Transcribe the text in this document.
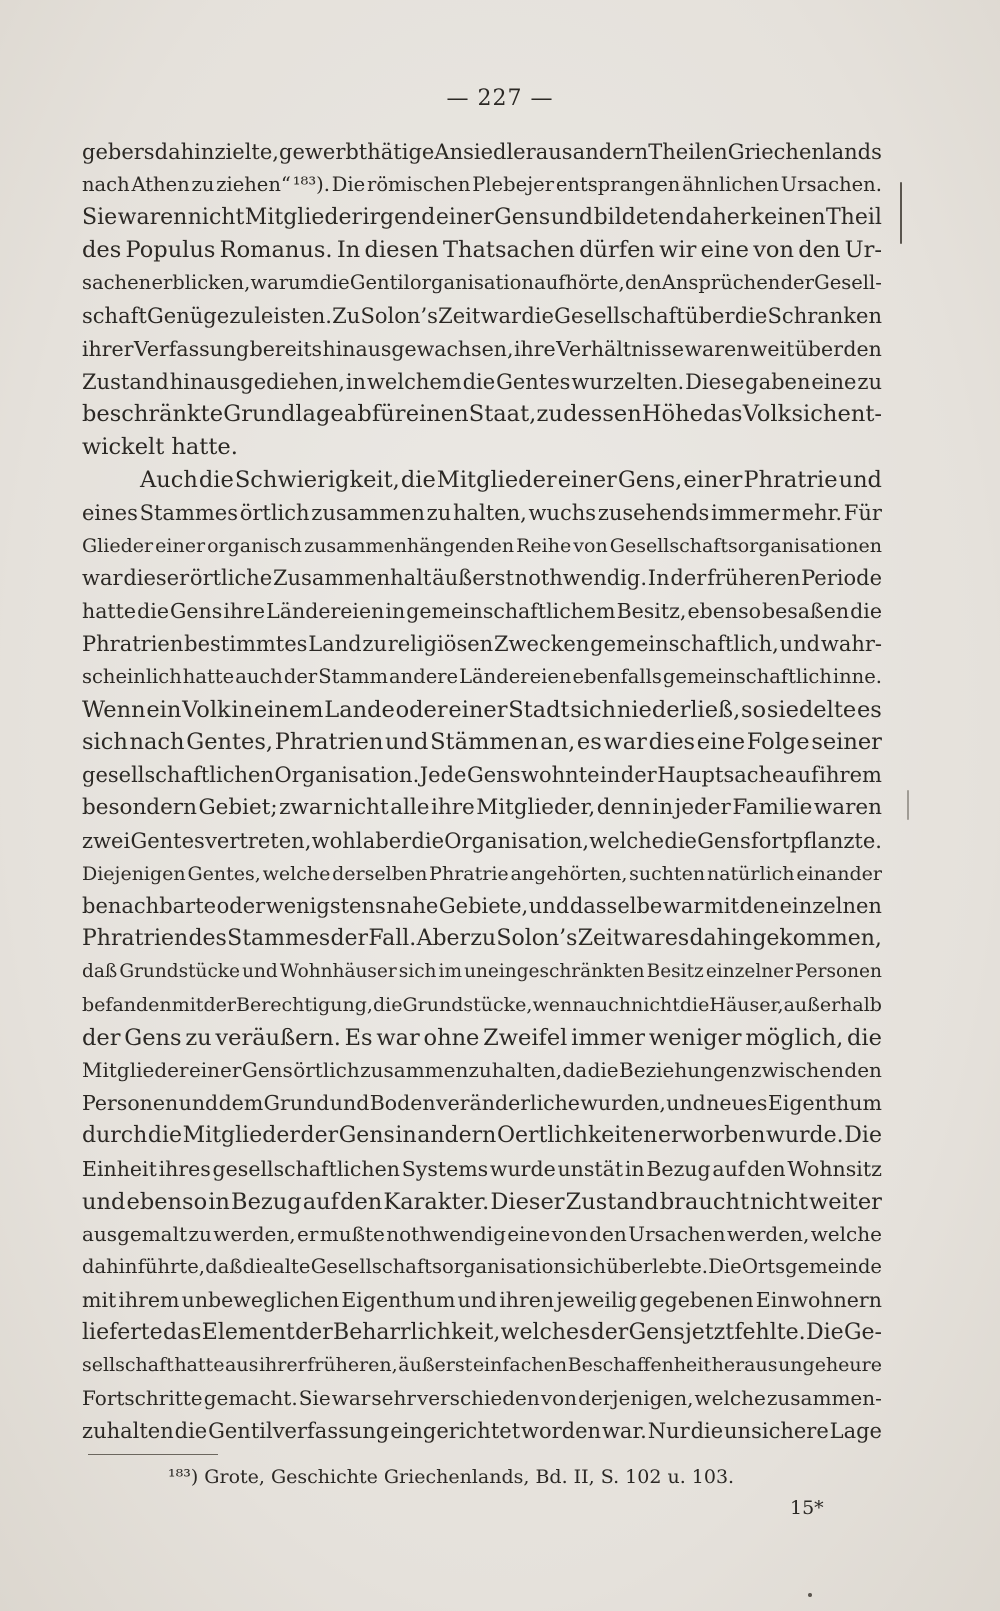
— 227 —
gebers dahin zielte, gewerbthätige Ansiedler aus andern Theilen Griechenlands
nach Athen zu ziehen“ ¹⁸³). Die römischen Plebejer entsprangen ähnlichen Ursachen.
Sie waren nicht Mitglieder irgend einer Gens und bildeten daher keinen Theil
des Populus Romanus. In diesen Thatsachen dürfen wir eine von den Ur-
sachen erblicken, warum die Gentilorganisation aufhörte, den Ansprüchen der Gesell-
schaft Genüge zu leisten. Zu Solon’s Zeit war die Gesellschaft über die Schranken
ihrer Verfassung bereits hinausgewachsen, ihre Verhältnisse waren weit über den
Zustand hinausgediehen, in welchem die Gentes wurzelten. Diese gaben eine zu
beschränkte Grundlage ab für einen Staat, zu dessen Höhe das Volk sich ent-
wickelt hatte.
Auch die Schwierigkeit, die Mitglieder einer Gens, einer Phratrie und
eines Stammes örtlich zusammen zu halten, wuchs zusehends immer mehr. Für
Glieder einer organisch zusammenhängenden Reihe von Gesellschaftsorganisationen
war dieser örtliche Zusammenhalt äußerst nothwendig. In der früheren Periode
hatte die Gens ihre Ländereien in gemeinschaftlichem Besitz, ebenso besaßen die
Phratrien bestimmtes Land zu religiösen Zwecken gemeinschaftlich, und wahr-
scheinlich hatte auch der Stamm andere Ländereien ebenfalls gemeinschaftlich inne.
Wenn ein Volk in einem Lande oder einer Stadt sich niederließ, so siedelte es
sich nach Gentes, Phratrien und Stämmen an, es war dies eine Folge seiner
gesellschaftlichen Organisation. Jede Gens wohnte in der Hauptsache auf ihrem
besondern Gebiet; zwar nicht alle ihre Mitglieder, denn in jeder Familie waren
zwei Gentes vertreten, wohl aber die Organisation, welche die Gens fortpflanzte.
Diejenigen Gentes, welche derselben Phratrie angehörten, suchten natürlich einander
benachbarte oder wenigstens nahe Gebiete, und dasselbe war mit den einzelnen
Phratrien des Stammes der Fall. Aber zu Solon’s Zeit war es dahin gekommen,
daß Grundstücke und Wohnhäuser sich im uneingeschränkten Besitz einzelner Personen
befanden mit der Berechtigung, die Grundstücke, wenn auch nicht die Häuser, außerhalb
der Gens zu veräußern. Es war ohne Zweifel immer weniger möglich, die
Mitglieder einer Gens örtlich zusammenzuhalten, da die Beziehungen zwischen den
Personen und dem Grund und Boden veränderliche wurden, und neues Eigenthum
durch die Mitglieder der Gens in andern Oertlichkeiten erworben wurde. Die
Einheit ihres gesellschaftlichen Systems wurde unstät in Bezug auf den Wohnsitz
und ebenso in Bezug auf den Karakter. Dieser Zustand braucht nicht weiter
ausgemalt zu werden, er mußte nothwendig eine von den Ursachen werden, welche
dahin führte, daß die alte Gesellschaftsorganisation sich überlebte. Die Ortsgemeinde
mit ihrem unbeweglichen Eigenthum und ihren jeweilig gegebenen Einwohnern
lieferte das Element der Beharrlichkeit, welches der Gens jetzt fehlte. Die Ge-
sellschaft hatte aus ihrer früheren, äußerst einfachen Beschaffenheit heraus ungeheure
Fortschritte gemacht. Sie war sehr verschieden von derjenigen, welche zusammen-
zuhalten die Gentilverfassung eingerichtet worden war. Nur die unsichere Lage
¹⁸³) Grote, Geschichte Griechenlands, Bd. II, S. 102 u. 103.
15*
